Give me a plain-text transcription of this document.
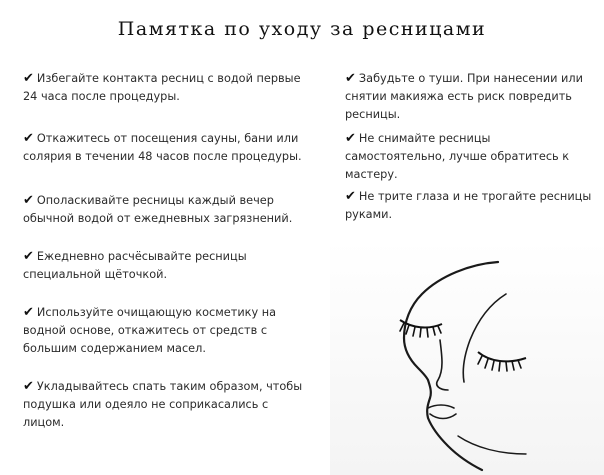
Памятка по уходу за ресницами
✔ Избегайте контакта ресниц с водой первые 24 часа после процедуры.
✔ Откажитесь от посещения сауны, бани или солярия в течении 48 часов после процедуры.
✔ Ополаскивайте ресницы каждый вечер обычной водой от ежедневных загрязнений.
✔ Ежедневно расчёсывайте ресницы специальной щёточкой.
✔ Используйте очищающую косметику на водной основе, откажитесь от средств с большим содержанием масел.
✔ Укладывайтесь спать таким образом, чтобы подушка или одеяло не соприкасались с лицом.
✔ Забудьте о туши. При нанесении или снятии макияжа есть риск повредить ресницы.
✔ Не снимайте ресницы самостоятельно, лучше обратитесь к мастеру.
✔ Не трите глаза и не трогайте ресницы руками.
